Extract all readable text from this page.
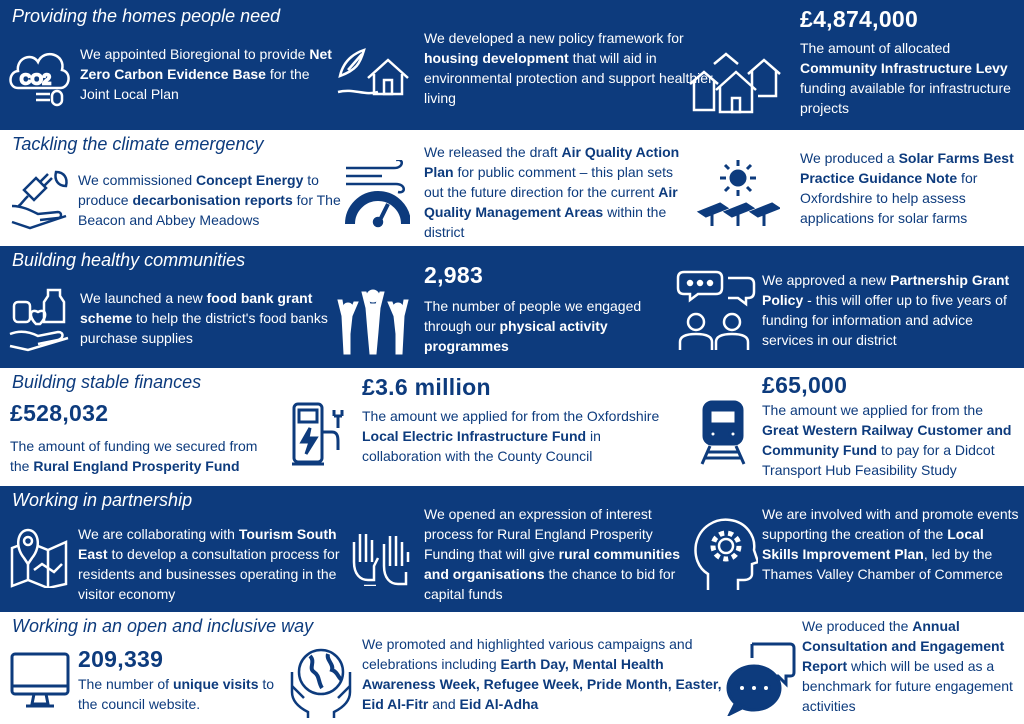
Providing the homes people need
CO2
We appointed Bioregional to provide Net Zero Carbon Evidence Base for the Joint Local Plan
We developed a new policy framework for housing development that will aid in environmental protection and support healthier living
£4,874,000
The amount of allocated Community Infrastructure Levy funding available for infrastructure projects
Tackling the climate emergency
We commissioned Concept Energy to produce decarbonisation reports for The Beacon and Abbey Meadows
We released the draft Air Quality Action Plan for public comment – this plan sets out the future direction for the current Air Quality Management Areas within the district
We produced a Solar Farms Best Practice Guidance Note for Oxfordshire to help assess applications for solar farms
Building healthy communities
We launched a new food bank grant scheme to help the district's food banks purchase supplies
2,983
The number of people we engaged through our physical activity programmes
We approved a new Partnership Grant Policy - this will offer up to five years of funding for information and advice services in our district
Building stable finances
£528,032
The amount of funding we secured from the Rural England Prosperity Fund
£3.6 million
The amount we applied for from the Oxfordshire Local Electric Infrastructure Fund in collaboration with the County Council
£65,000
The amount we applied for from the Great Western Railway Customer and Community Fund to pay for a Didcot Transport Hub Feasibility Study
Working in partnership
We are collaborating with Tourism South East to develop a consultation process for residents and businesses operating in the visitor economy
We opened an expression of interest process for Rural England Prosperity Funding that will give rural communities and organisations the chance to bid for capital funds
We are involved with and promote events supporting the creation of the Local Skills Improvement Plan, led by the Thames Valley Chamber of Commerce
Working in an open and inclusive way
209,339
The number of unique visits to the council website.
We promoted and highlighted various campaigns and celebrations including Earth Day, Mental Health Awareness Week, Refugee Week, Pride Month, Easter, Eid Al-Fitr and Eid Al-Adha
We produced the Annual Consultation and Engagement Report which will be used as a benchmark for future engagement activities
